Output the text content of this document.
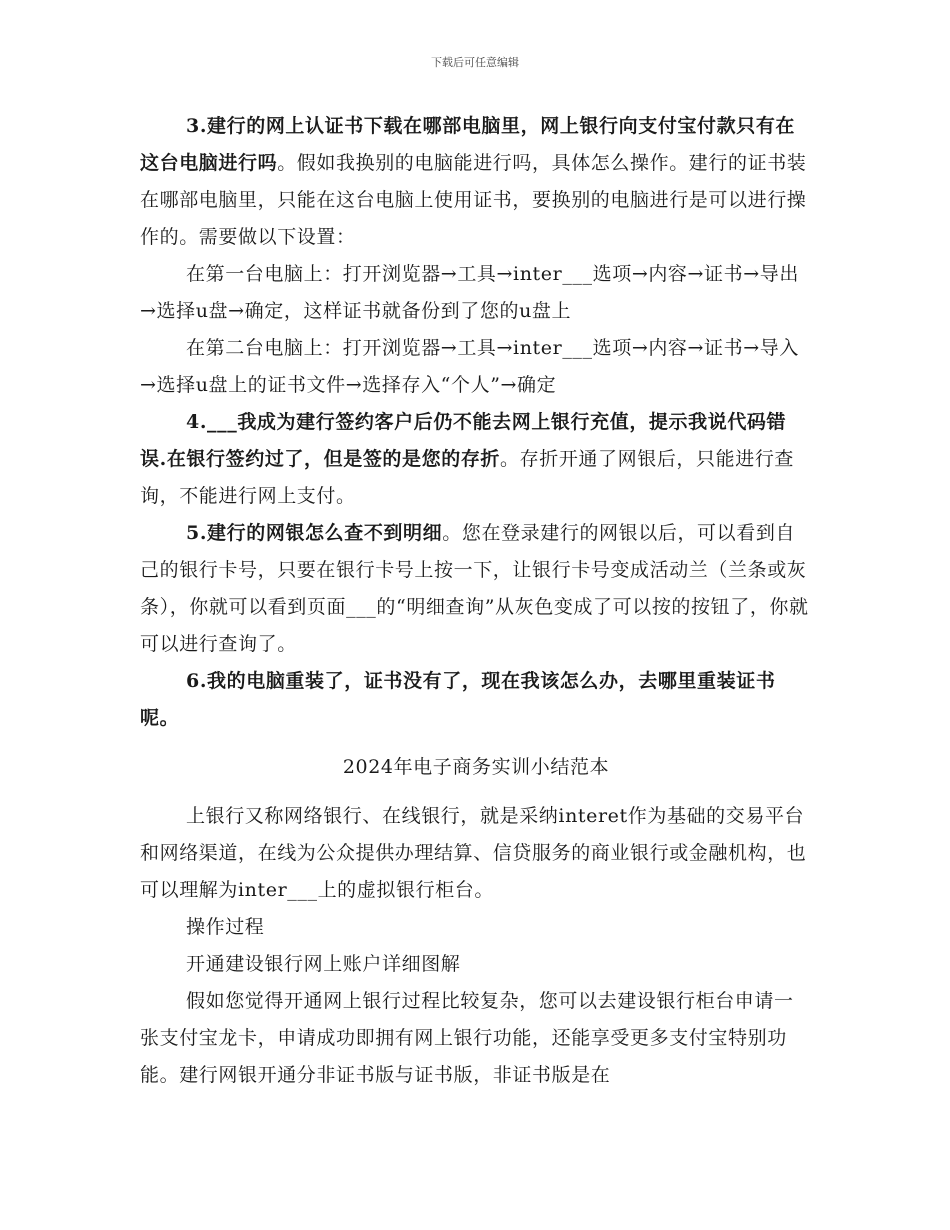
下载后可任意编辑

3.建行的网上认证书下载在哪部电脑里，网上银行向支付宝付款只有在这台电脑进行吗。假如我换别的电脑能进行吗，具体怎么操作。建行的证书装在哪部电脑里，只能在这台电脑上使用证书，要换别的电脑进行是可以进行操作的。需要做以下设置：

在第一台电脑上：打开浏览器→工具→inter___选项→内容→证书→导出→选择u盘→确定，这样证书就备份到了您的u盘上

在第二台电脑上：打开浏览器→工具→inter___选项→内容→证书→导入→选择u盘上的证书文件→选择存入“个人”→确定

4.___我成为建行签约客户后仍不能去网上银行充值，提示我说代码错误.在银行签约过了，但是签的是您的存折。存折开通了网银后，只能进行查询，不能进行网上支付。

5.建行的网银怎么查不到明细。您在登录建行的网银以后，可以看到自己的银行卡号，只要在银行卡号上按一下，让银行卡号变成活动兰（兰条或灰条），你就可以看到页面___的“明细查询”从灰色变成了可以按的按钮了，你就可以进行查询了。

6.我的电脑重装了，证书没有了，现在我该怎么办，去哪里重装证书呢。

2024年电子商务实训小结范本

上银行又称网络银行、在线银行，就是采纳interet作为基础的交易平台和网络渠道，在线为公众提供办理结算、信贷服务的商业银行或金融机构，也可以理解为inter___上的虚拟银行柜台。

操作过程

开通建设银行网上账户详细图解

假如您觉得开通网上银行过程比较复杂，您可以去建设银行柜台申请一张支付宝龙卡，申请成功即拥有网上银行功能，还能享受更多支付宝特别功能。建行网银开通分非证书版与证书版，非证书版是在
